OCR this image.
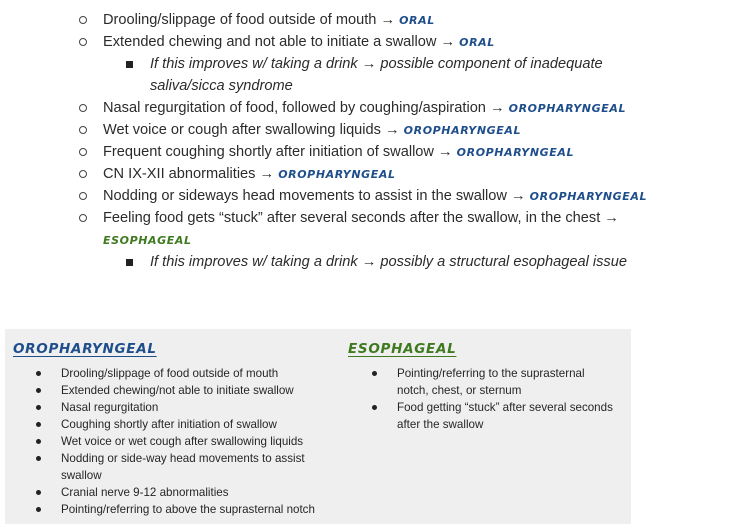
Drooling/slippage of food outside of mouth → ORAL
Extended chewing and not able to initiate a swallow → ORAL
If this improves w/ taking a drink → possible component of inadequate
saliva/sicca syndrome
Nasal regurgitation of food, followed by coughing/aspiration → OROPHARYNGEAL
Wet voice or cough after swallowing liquids → OROPHARYNGEAL
Frequent coughing shortly after initiation of swallow → OROPHARYNGEAL
CN IX-XII abnormalities → OROPHARYNGEAL
Nodding or sideways head movements to assist in the swallow → OROPHARYNGEAL
Feeling food gets “stuck” after several seconds after the swallow, in the chest →
ESOPHAGEAL
If this improves w/ taking a drink → possibly a structural esophageal issue
OROPHARYNGEAL
Drooling/slippage of food outside of mouth
Extended chewing/not able to initiate swallow
Nasal regurgitation
Coughing shortly after initiation of swallow
Wet voice or wet cough after swallowing liquids
Nodding or side-way head movements to assist
swallow
Cranial nerve 9-12 abnormalities
Pointing/referring to above the suprasternal notch
ESOPHAGEAL
Pointing/referring to the suprasternal
notch, chest, or sternum
Food getting “stuck” after several seconds
after the swallow
